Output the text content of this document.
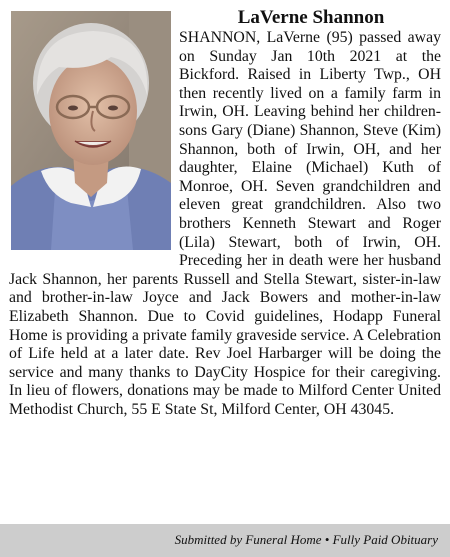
LaVerne Shannon

SHANNON, LaVerne (95) passed away on Sunday Jan 10th 2021 at the Bickford. Raised in Liberty Twp., OH then recently lived on a family farm in Irwin, OH. Leaving behind her children- sons Gary (Diane) Shannon, Steve (Kim) Shannon, both of Irwin, OH, and her daughter, Elaine (Michael) Kuth of Monroe, OH. Seven grandchildren and eleven great grandchildren. Also two brothers Kenneth Stewart and Roger (Lila) Stewart, both of Irwin, OH. Preceding her in death were her husband Jack Shannon, her parents Russell and Stella Stewart, sister-in-law and brother-in-law Joyce and Jack Bowers and mother-in-law Elizabeth Shannon. Due to Covid guidelines, Hodapp Funeral Home is providing a private family graveside service. A Celebration of Life held at a later date. Rev Joel Harbarger will be doing the service and many thanks to DayCity Hospice for their caregiving. In lieu of flowers, donations may be made to Milford Center United Methodist Church, 55 E State St, Milford Center, OH 43045.

Submitted by Funeral Home • Fully Paid Obituary
